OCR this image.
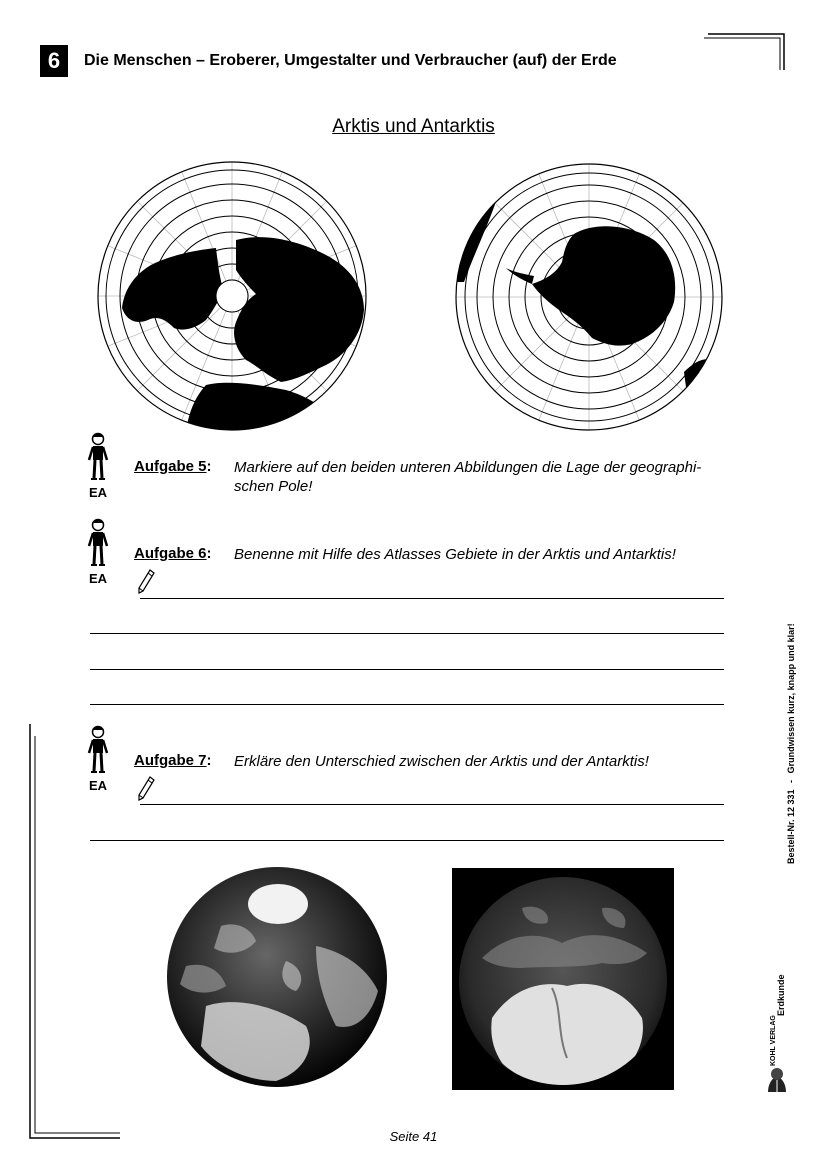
6	Die Menschen – Eroberer, Umgestalter und Verbraucher (auf) der Erde
Arktis und Antarktis
EA
Aufgabe 5: Markiere auf den beiden unteren Abbildungen die Lage der geographi-
schen Pole!
EA
Aufgabe 6: Benenne mit Hilfe des Atlasses Gebiete in der Arktis und Antarktis!
EA
Aufgabe 7: Erkläre den Unterschied zwischen der Arktis und der Antarktis!
Bestell-Nr. 12 331 - Grundwissen kurz, knapp und klar!
Erdkunde
KOHL VERLAG
Seite 41
